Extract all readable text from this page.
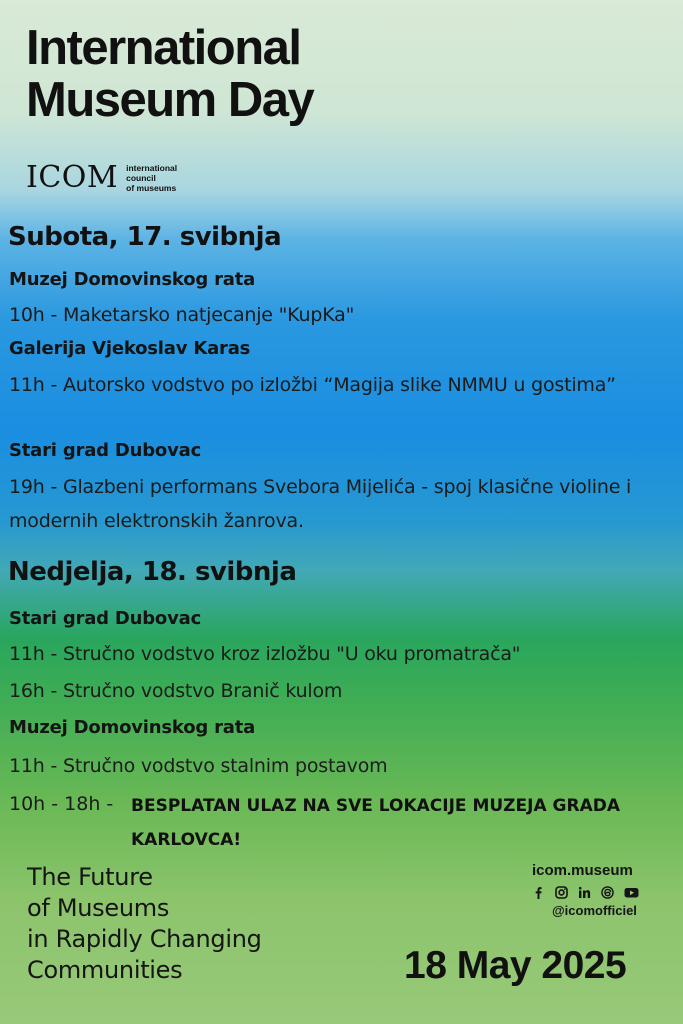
International
Museum Day
ICOM international
council
of museums
Subota, 17. svibnja
Muzej Domovinskog rata
10h - Maketarsko natjecanje "KupKa"
Galerija Vjekoslav Karas
11h - Autorsko vodstvo po izložbi “Magija slike NMMU u gostima”
Stari grad Dubovac
19h - Glazbeni performans Svebora Mijelića - spoj klasične violine i modernih elektronskih žanrova.
Nedjelja, 18. svibnja
Stari grad Dubovac
11h - Stručno vodstvo kroz izložbu "U oku promatrača"
16h - Stručno vodstvo Branič kulom
Muzej Domovinskog rata
11h - Stručno vodstvo stalnim postavom
10h - 18h - BESPLATAN ULAZ NA SVE LOKACIJE MUZEJA GRADA KARLOVCA!
The Future
of Museums
in Rapidly Changing
Communities
icom.museum
@icomofficiel
18 May 2025
